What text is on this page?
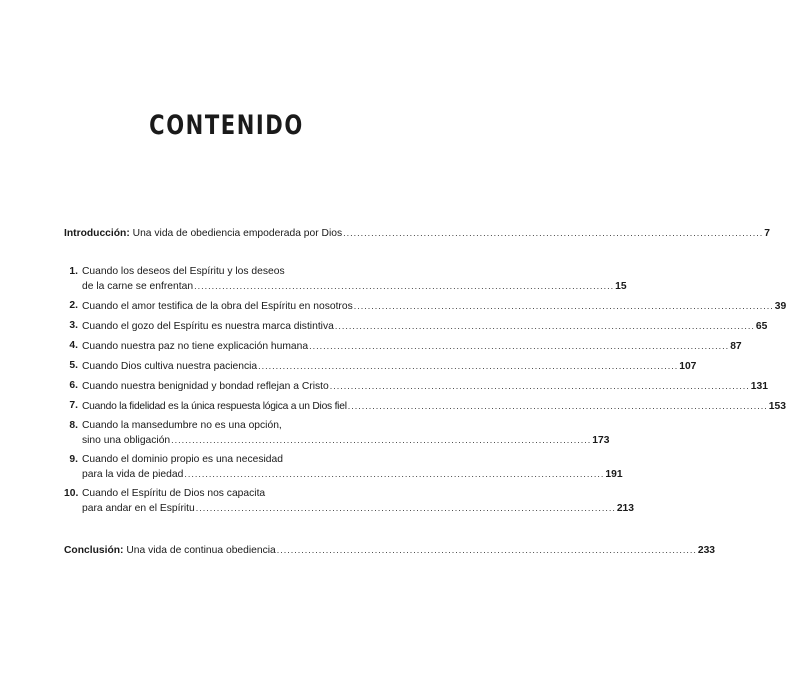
CONTENIDO
Introducción: Una vida de obediencia empoderada por Dios ........................................................................................................................ 7
1. Cuando los deseos del Espíritu y los deseos
de la carne se enfrentan ........................................................................................................................ 15
2. Cuando el amor testifica de la obra del Espíritu en nosotros ........................................................................................................................ 39
3. Cuando el gozo del Espíritu es nuestra marca distintiva ........................................................................................................................ 65
4. Cuando nuestra paz no tiene explicación humana ........................................................................................................................ 87
5. Cuando Dios cultiva nuestra paciencia ........................................................................................................................ 107
6. Cuando nuestra benignidad y bondad reflejan a Cristo ........................................................................................................................ 131
7. Cuando la fidelidad es la única respuesta lógica a un Dios fiel ........................................................................................................................ 153
8. Cuando la mansedumbre no es una opción,
sino una obligación ........................................................................................................................ 173
9. Cuando el dominio propio es una necesidad
para la vida de piedad ........................................................................................................................ 191
10. Cuando el Espíritu de Dios nos capacita
para andar en el Espíritu ........................................................................................................................ 213
Conclusión: Una vida de continua obediencia ........................................................................................................................ 233
